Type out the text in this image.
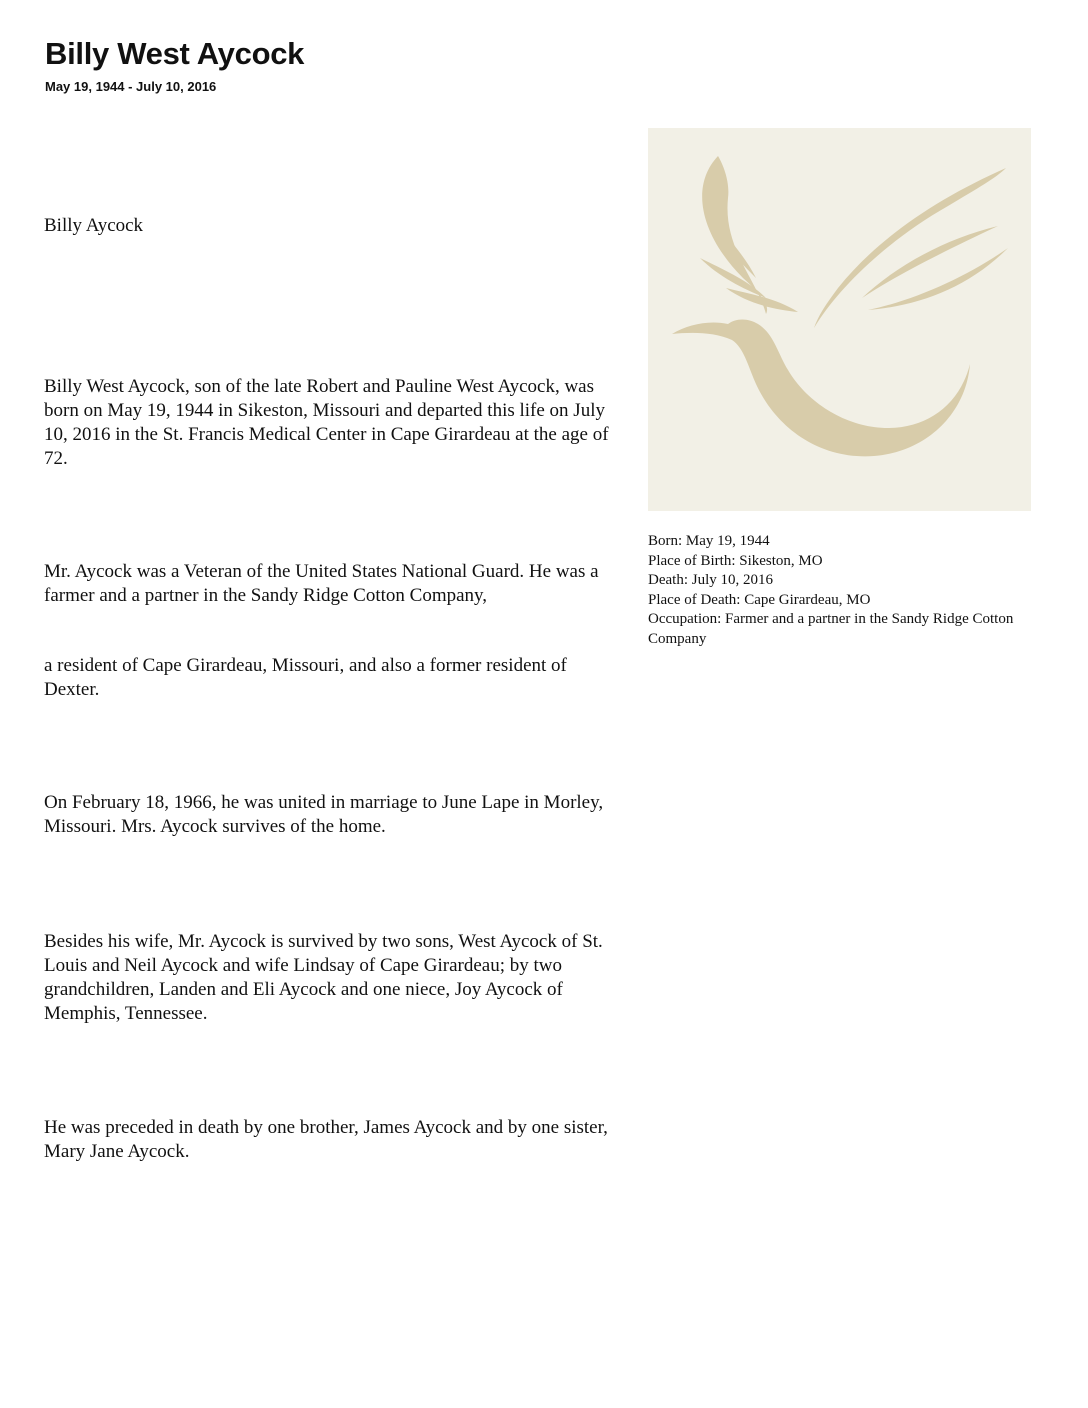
Billy West Aycock

May 19, 1944 - July 10, 2016

Billy Aycock

Billy West Aycock, son of the late Robert and Pauline West Aycock, was born on May 19, 1944 in Sikeston, Missouri and departed this life on July 10, 2016 in the St. Francis Medical Center in Cape Girardeau at the age of 72.

Mr. Aycock was a Veteran of the United States National Guard. He was a farmer and a partner in the Sandy Ridge Cotton Company,

a resident of Cape Girardeau, Missouri, and also a former resident of Dexter.

On February 18, 1966, he was united in marriage to June Lape in Morley, Missouri. Mrs. Aycock survives of the home.

Besides his wife, Mr. Aycock is survived by two sons, West Aycock of St. Louis and Neil Aycock and wife Lindsay of Cape Girardeau; by two grandchildren, Landen and Eli Aycock and one niece, Joy Aycock of Memphis, Tennessee.

He was preceded in death by one brother, James Aycock and by one sister, Mary Jane Aycock.

Born: May 19, 1944
Place of Birth: Sikeston, MO
Death: July 10, 2016
Place of Death: Cape Girardeau, MO
Occupation: Farmer and a partner in the Sandy Ridge Cotton Company
